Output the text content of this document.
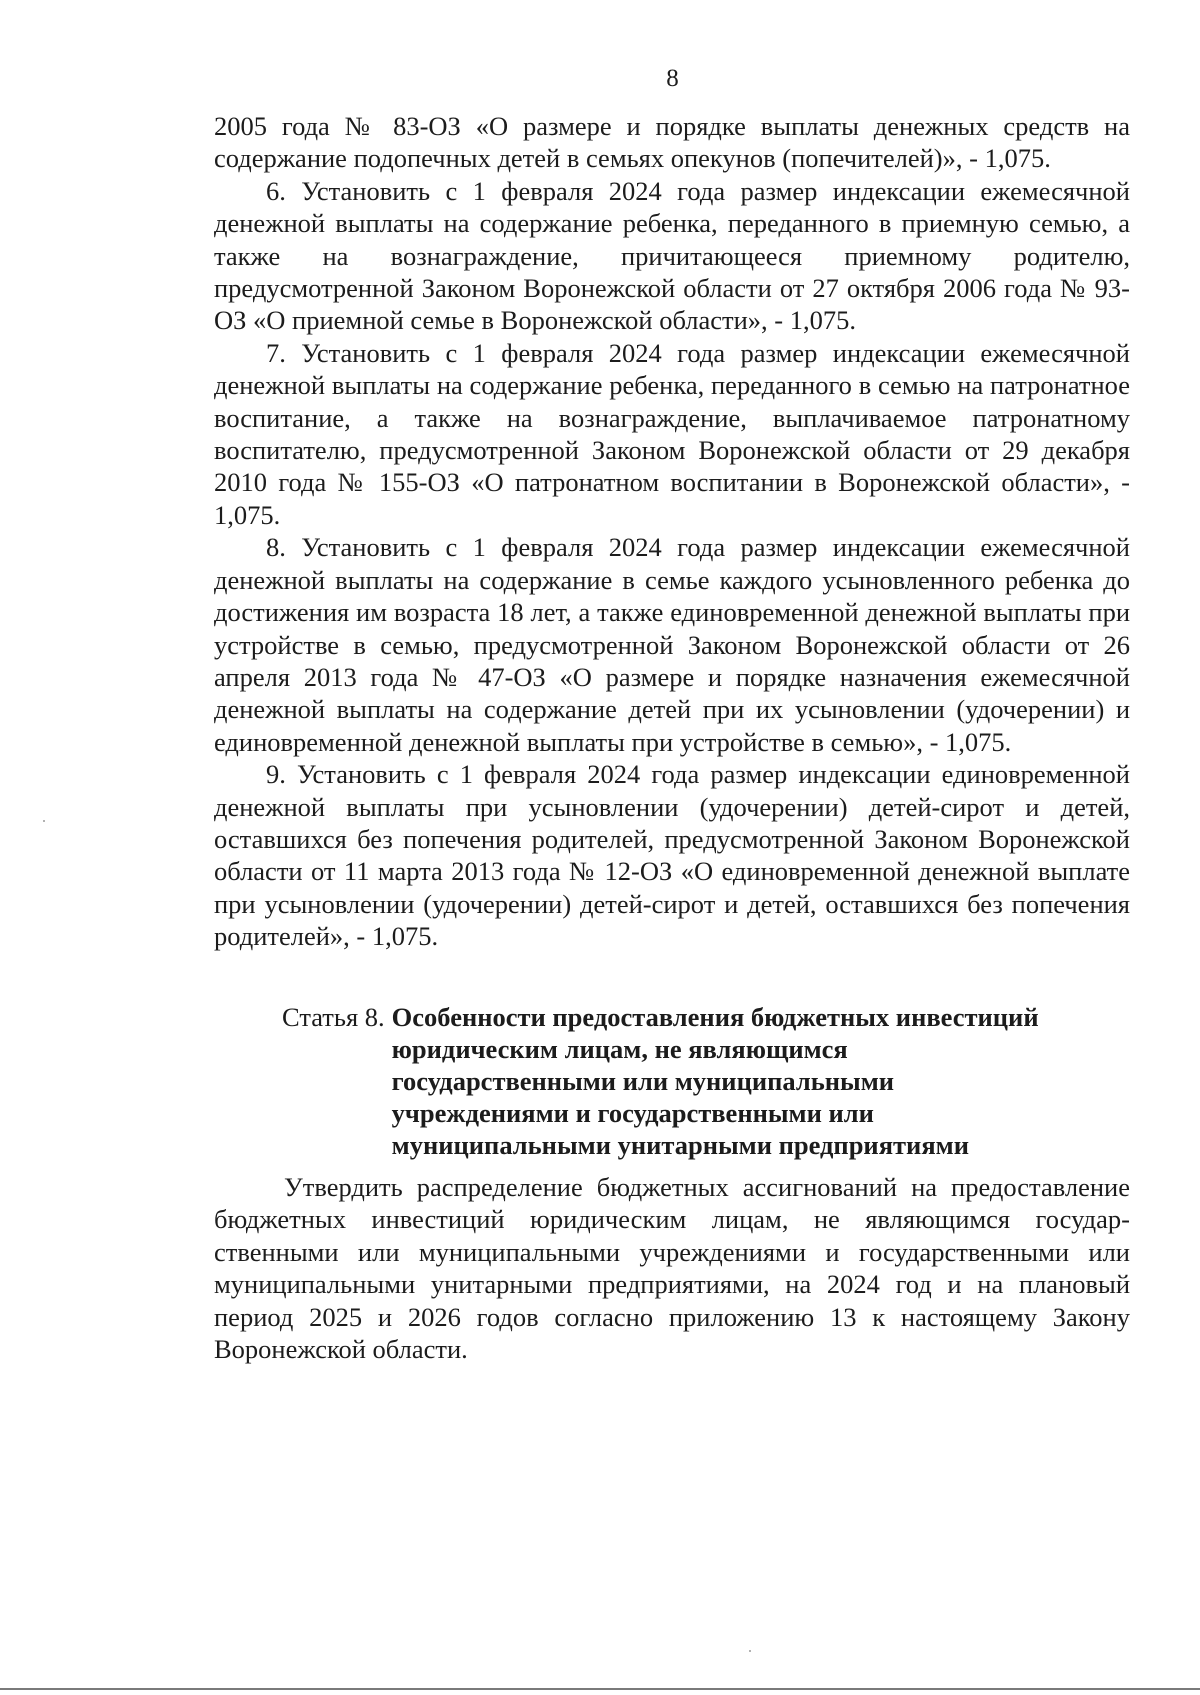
8

2005 года № 83-ОЗ «О размере и порядке выплаты денежных средств на содержание подопечных детей в семьях опекунов (попечителей)», - 1,075.

6. Установить с 1 февраля 2024 года размер индексации ежемесячной денежной выплаты на содержание ребенка, переданного в приемную семью, а также на вознаграждение, причитающееся приемному родителю, предусмотренной Законом Воронежской области от 27 октября 2006 года № 93-ОЗ «О приемной семье в Воронежской области», - 1,075.

7. Установить с 1 февраля 2024 года размер индексации ежемесячной денежной выплаты на содержание ребенка, переданного в семью на патронатное воспитание, а также на вознаграждение, выплачиваемое патронатному воспитателю, предусмотренной Законом Воронежской области от 29 декабря 2010 года № 155-ОЗ «О патронатном воспитании в Воронежской области», - 1,075.

8. Установить с 1 февраля 2024 года размер индексации ежемесячной денежной выплаты на содержание в семье каждого усыновленного ребенка до достижения им возраста 18 лет, а также единовременной денежной выплаты при устройстве в семью, предусмотренной Законом Воронежской области от 26 апреля 2013 года № 47-ОЗ «О размере и порядке назначения ежемесячной денежной выплаты на содержание детей при их усыновлении (удочерении) и единовременной денежной выплаты при устройстве в семью», - 1,075.

9. Установить с 1 февраля 2024 года размер индексации единовременной денежной выплаты при усыновлении (удочерении) детей-сирот и детей, оставшихся без попечения родителей, предусмотренной Законом Воронежской области от 11 марта 2013 года № 12-ОЗ «О единовременной денежной выплате при усыновлении (удочерении) детей-сирот и детей, оставшихся без попечения родителей», - 1,075.

Статья 8. Особенности предоставления бюджетных инвестиций
юридическим лицам, не являющимся
государственными или муниципальными
учреждениями и государственными или
муниципальными унитарными предприятиями

Утвердить распределение бюджетных ассигнований на предоставление бюджетных инвестиций юридическим лицам, не являющимся государственными или муниципальными учреждениями и государственными или муниципальными унитарными предприятиями, на 2024 год и на плановый период 2025 и 2026 годов согласно приложению 13 к настоящему Закону Воронежской области.
